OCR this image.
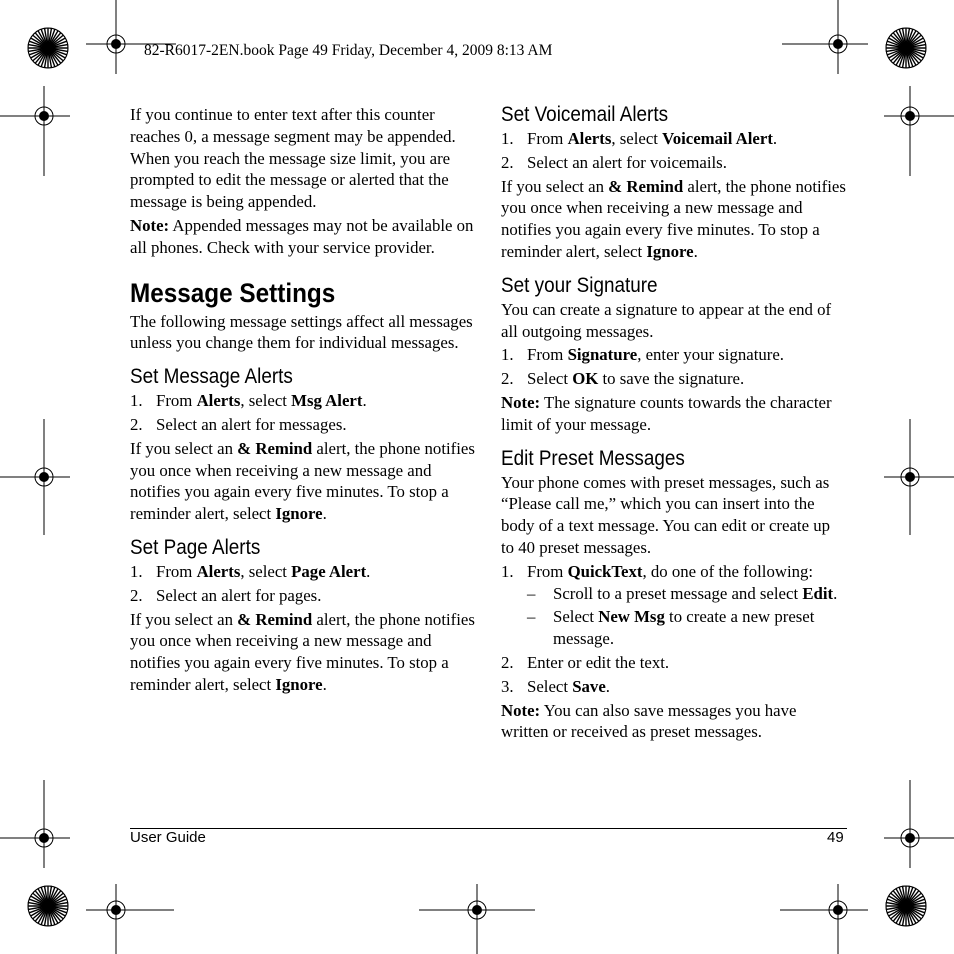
82-R6017-2EN.book Page 49 Friday, December 4, 2009 8:13 AM

If you continue to enter text after this counter reaches 0, a message segment may be appended. When you reach the message size limit, you are prompted to edit the message or alerted that the message is being appended.

Note: Appended messages may not be available on all phones. Check with your service provider.

Message Settings

The following message settings affect all messages unless you change them for individual messages.

Set Message Alerts
1. From Alerts, select Msg Alert.
2. Select an alert for messages.

If you select an & Remind alert, the phone notifies you once when receiving a new message and notifies you again every five minutes. To stop a reminder alert, select Ignore.

Set Page Alerts
1. From Alerts, select Page Alert.
2. Select an alert for pages.

If you select an & Remind alert, the phone notifies you once when receiving a new message and notifies you again every five minutes. To stop a reminder alert, select Ignore.

Set Voicemail Alerts
1. From Alerts, select Voicemail Alert.
2. Select an alert for voicemails.

If you select an & Remind alert, the phone notifies you once when receiving a new message and notifies you again every five minutes. To stop a reminder alert, select Ignore.

Set your Signature

You can create a signature to appear at the end of all outgoing messages.

1. From Signature, enter your signature.
2. Select OK to save the signature.

Note: The signature counts towards the character limit of your message.

Edit Preset Messages

Your phone comes with preset messages, such as “Please call me,” which you can insert into the body of a text message. You can edit or create up to 40 preset messages.

1. From QuickText, do one of the following:
– Scroll to a preset message and select Edit.
– Select New Msg to create a new preset message.
2. Enter or edit the text.
3. Select Save.

Note: You can also save messages you have written or received as preset messages.

User Guide	49
